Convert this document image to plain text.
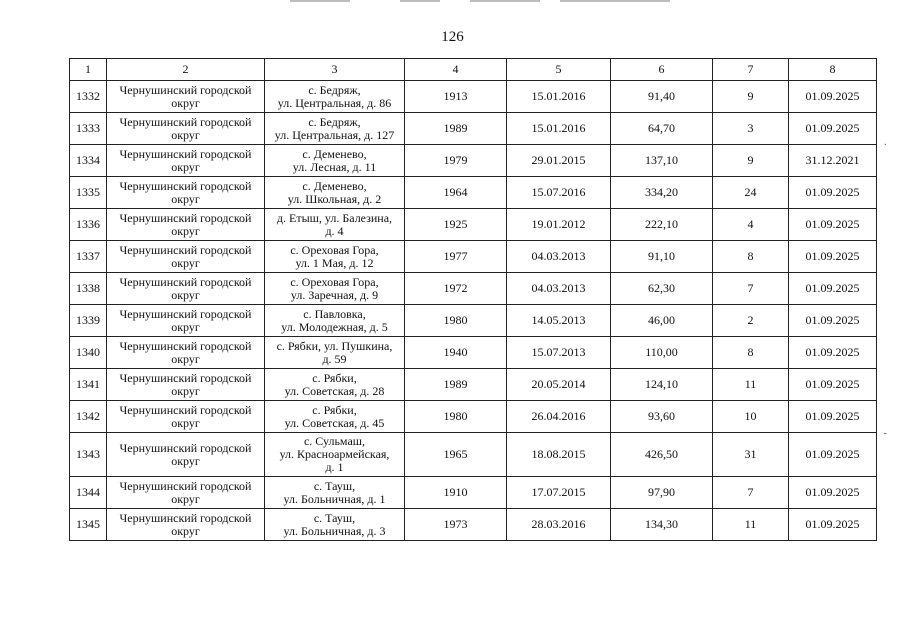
126
1	2	3	4	5	6	7	8
1332	Чернушинский городской округ	с. Бедряж,
ул. Центральная, д. 86	1913	15.01.2016	91,40	9	01.09.2025
1333	Чернушинский городской округ	с. Бедряж,
ул. Центральная, д. 127	1989	15.01.2016	64,70	3	01.09.2025
1334	Чернушинский городской округ	с. Деменево,
ул. Лесная, д. 11	1979	29.01.2015	137,10	9	31.12.2021
1335	Чернушинский городской округ	с. Деменево,
ул. Школьная, д. 2	1964	15.07.2016	334,20	24	01.09.2025
1336	Чернушинский городской округ	д. Етыш, ул. Балезина,
д. 4	1925	19.01.2012	222,10	4	01.09.2025
1337	Чернушинский городской округ	с. Ореховая Гора,
ул. 1 Мая, д. 12	1977	04.03.2013	91,10	8	01.09.2025
1338	Чернушинский городской округ	с. Ореховая Гора,
ул. Заречная, д. 9	1972	04.03.2013	62,30	7	01.09.2025
1339	Чернушинский городской округ	с. Павловка,
ул. Молодежная, д. 5	1980	14.05.2013	46,00	2	01.09.2025
1340	Чернушинский городской округ	с. Рябки, ул. Пушкина,
д. 59	1940	15.07.2013	110,00	8	01.09.2025
1341	Чернушинский городской округ	с. Рябки,
ул. Советская, д. 28	1989	20.05.2014	124,10	11	01.09.2025
1342	Чернушинский городской округ	с. Рябки,
ул. Советская, д. 45	1980	26.04.2016	93,60	10	01.09.2025
1343	Чернушинский городской округ	с. Сульмаш,
ул. Красноармейская,
д. 1	1965	18.08.2015	426,50	31	01.09.2025
1344	Чернушинский городской округ	с. Тауш,
ул. Больничная, д. 1	1910	17.07.2015	97,90	7	01.09.2025
1345	Чернушинский городской округ	с. Тауш,
ул. Больничная, д. 3	1973	28.03.2016	134,30	11	01.09.2025
·
-
